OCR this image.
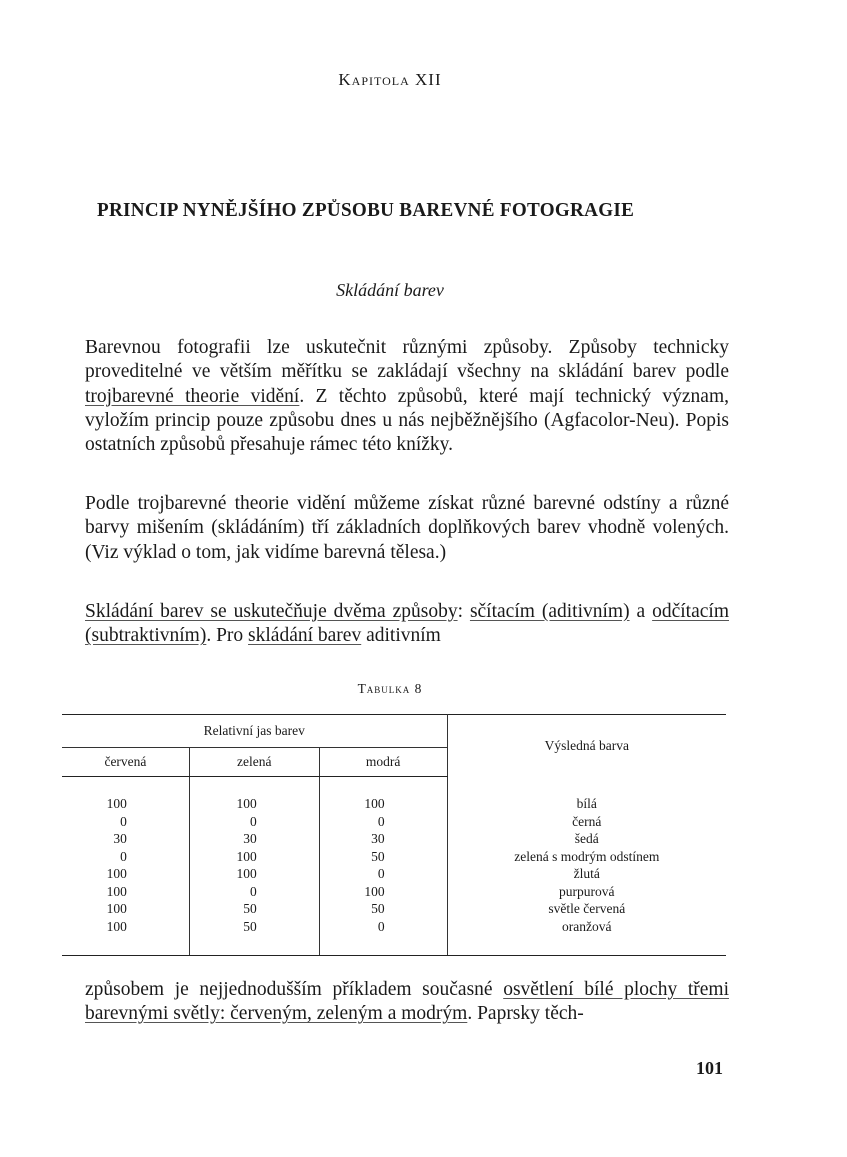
Kapitola XII
PRINCIP NYNĚJŠÍHO ZPŮSOBU BAREVNÉ FOTOGRAGIE
Skládání barev

Barevnou fotografii lze uskutečnit různými způsoby. Způsoby technicky proveditelné ve větším měřítku se zakládají všechny na skládání barev podle trojbarevné theorie vidění. Z těchto způsobů, které mají technický význam, vyložím princip pouze způsobu dnes u nás nejběžnějšího (Agfacolor-Neu). Popis ostatních způsobů přesahuje rámec této knížky.

Podle trojbarevné theorie vidění můžeme získat různé barevné odstíny a různé barvy mišením (skládáním) tří základních doplňkových barev vhodně volených. (Viz výklad o tom, jak vidíme barevná tělesa.)

Skládání barev se uskutečňuje dvěma způsoby: sčítacím (aditivním) a odčítacím (subtraktivním). Pro skládání barev aditivním

Tabulka 8
Relativní jas barev			Výsledná barva
červená	zelená	modrá	

100	100	100	bílá
0	0	0	černá
30	30	30	šedá
0	100	50	zelená s modrým odstínem
100	100	0	žlutá
100	0	100	purpurová
100	50	50	světle červená
100	50	0	oranžová

způsobem je nejjednodušším příkladem současné osvětlení bílé plochy třemi barevnými světly: červeným, zeleným a modrým. Paprsky těch-

101
